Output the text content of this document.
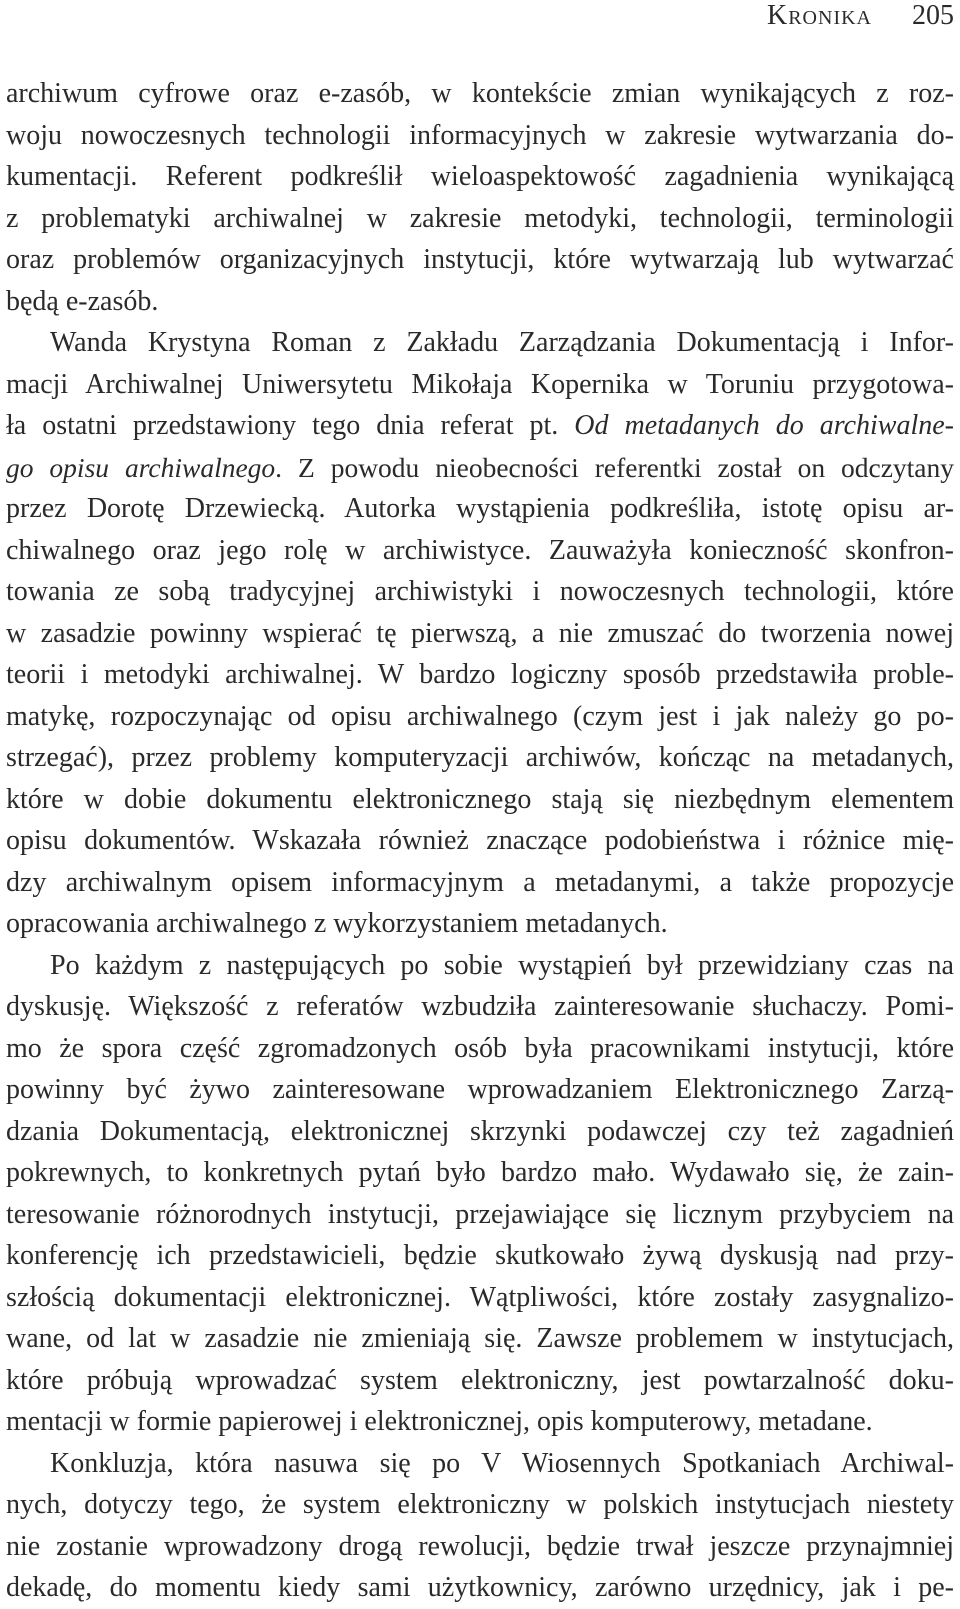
Kronika 205
archiwum cyfrowe oraz e-zasób, w kontekście zmian wynikających z roz-
woju nowoczesnych technologii informacyjnych w zakresie wytwarzania do-
kumentacji. Referent podkreślił wieloaspektowość zagadnienia wynikającą
z problematyki archiwalnej w zakresie metodyki, technologii, terminologii
oraz problemów organizacyjnych instytucji, które wytwarzają lub wytwarzać
będą e-zasób.
Wanda Krystyna Roman z Zakładu Zarządzania Dokumentacją i Infor-
macji Archiwalnej Uniwersytetu Mikołaja Kopernika w Toruniu przygotowa-
ła ostatni przedstawiony tego dnia referat pt. Od metadanych do archiwalne-
go opisu archiwalnego. Z powodu nieobecności referentki został on odczytany
przez Dorotę Drzewiecką. Autorka wystąpienia podkreśliła, istotę opisu ar-
chiwalnego oraz jego rolę w archiwistyce. Zauważyła konieczność skonfron-
towania ze sobą tradycyjnej archiwistyki i nowoczesnych technologii, które
w zasadzie powinny wspierać tę pierwszą, a nie zmuszać do tworzenia nowej
teorii i metodyki archiwalnej. W bardzo logiczny sposób przedstawiła proble-
matykę, rozpoczynając od opisu archiwalnego (czym jest i jak należy go po-
strzegać), przez problemy komputeryzacji archiwów, kończąc na metadanych,
które w dobie dokumentu elektronicznego stają się niezbędnym elementem
opisu dokumentów. Wskazała również znaczące podobieństwa i różnice mię-
dzy archiwalnym opisem informacyjnym a metadanymi, a także propozycje
opracowania archiwalnego z wykorzystaniem metadanych.
Po każdym z następujących po sobie wystąpień był przewidziany czas na
dyskusję. Większość z referatów wzbudziła zainteresowanie słuchaczy. Pomi-
mo że spora część zgromadzonych osób była pracownikami instytucji, które
powinny być żywo zainteresowane wprowadzaniem Elektronicznego Zarzą-
dzania Dokumentacją, elektronicznej skrzynki podawczej czy też zagadnień
pokrewnych, to konkretnych pytań było bardzo mało. Wydawało się, że zain-
teresowanie różnorodnych instytucji, przejawiające się licznym przybyciem na
konferencję ich przedstawicieli, będzie skutkowało żywą dyskusją nad przy-
szłością dokumentacji elektronicznej. Wątpliwości, które zostały zasygnalizo-
wane, od lat w zasadzie nie zmieniają się. Zawsze problemem w instytucjach,
które próbują wprowadzać system elektroniczny, jest powtarzalność doku-
mentacji w formie papierowej i elektronicznej, opis komputerowy, metadane.
Konkluzja, która nasuwa się po V Wiosennych Spotkaniach Archiwal-
nych, dotyczy tego, że system elektroniczny w polskich instytucjach niestety
nie zostanie wprowadzony drogą rewolucji, będzie trwał jeszcze przynajmniej
dekadę, do momentu kiedy sami użytkownicy, zarówno urzędnicy, jak i pe-
